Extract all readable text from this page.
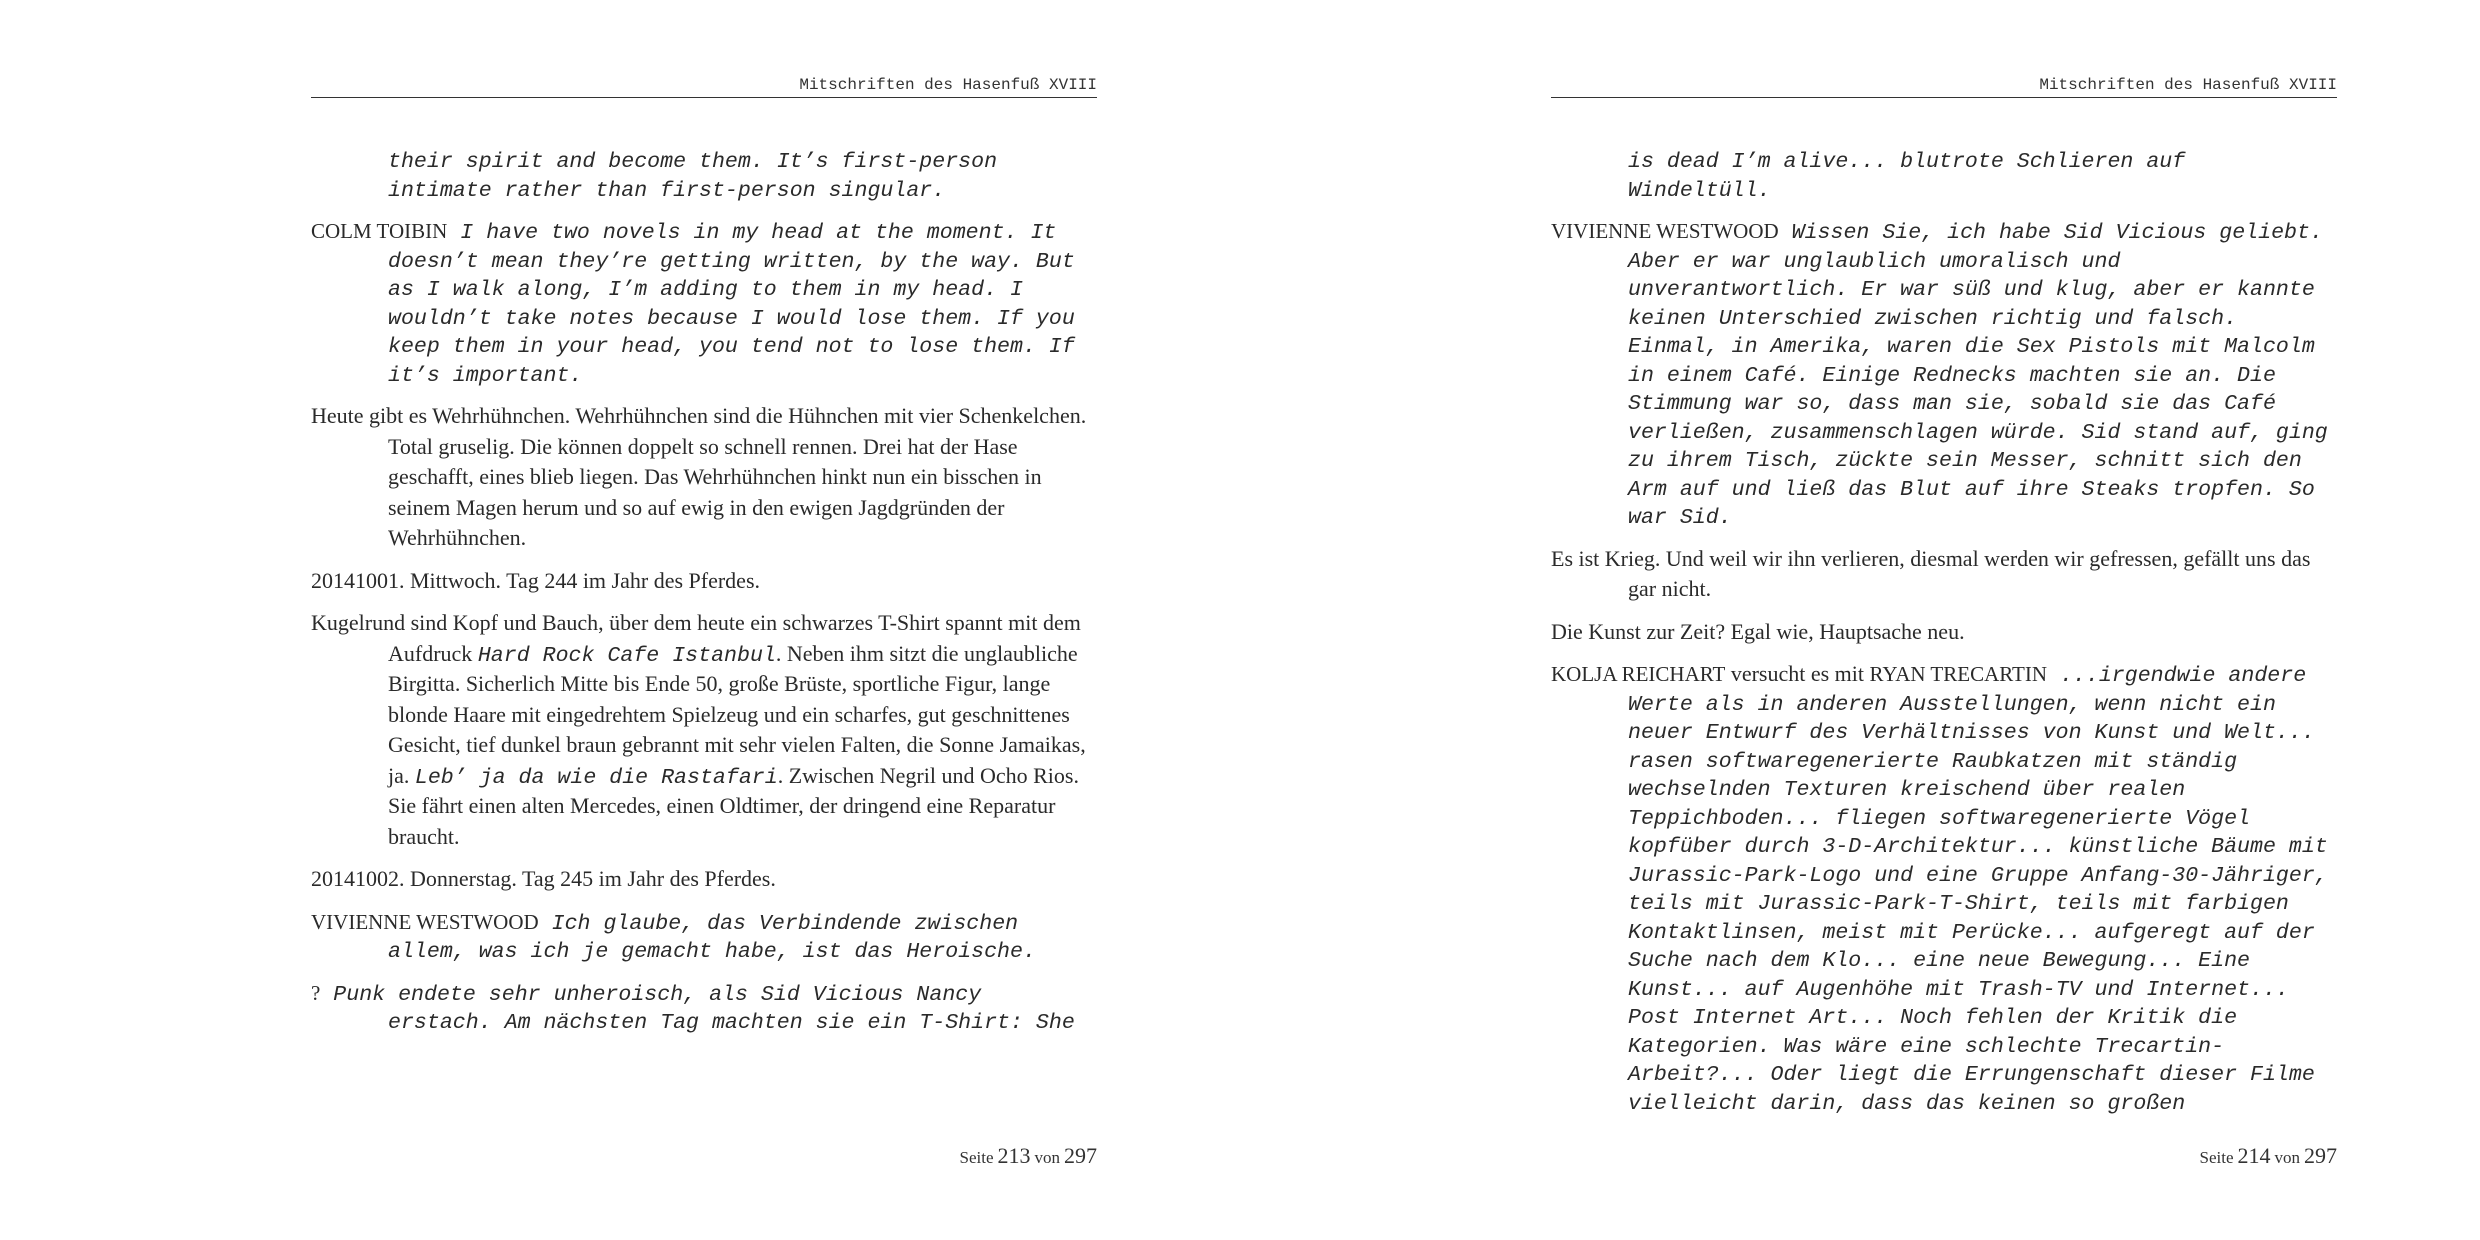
Mitschriften des Hasenfuß XVIII

their spirit and become them. It’s first-person intimate rather than first-person singular.

COLM TOIBIN I have two novels in my head at the moment. It doesn’t mean they’re getting written, by the way. But as I walk along, I’m adding to them in my head. I wouldn’t take notes because I would lose them. If you keep them in your head, you tend not to lose them. If it’s important.

Heute gibt es Wehrhühnchen. Wehrhühnchen sind die Hühnchen mit vier Schenkelchen. Total gruselig. Die können doppelt so schnell rennen. Drei hat der Hase geschafft, eines blieb liegen. Das Wehrhühnchen hinkt nun ein bisschen in seinem Magen herum und so auf ewig in den ewigen Jagdgründen der Wehrhühnchen.

20141001. Mittwoch. Tag 244 im Jahr des Pferdes.

Kugelrund sind Kopf und Bauch, über dem heute ein schwarzes T-Shirt spannt mit dem Aufdruck Hard Rock Cafe Istanbul. Neben ihm sitzt die unglaubliche Birgitta. Sicherlich Mitte bis Ende 50, große Brüste, sportliche Figur, lange blonde Haare mit eingedrehtem Spielzeug und ein scharfes, gut geschnittenes Gesicht, tief dunkel braun gebrannt mit sehr vielen Falten, die Sonne Jamaikas, ja. Leb’ ja da wie die Rastafari. Zwischen Negril und Ocho Rios. Sie fährt einen alten Mercedes, einen Oldtimer, der dringend eine Reparatur braucht.

20141002. Donnerstag. Tag 245 im Jahr des Pferdes.

VIVIENNE WESTWOOD Ich glaube, das Verbindende zwischen allem, was ich je gemacht habe, ist das Heroische.

? Punk endete sehr unheroisch, als Sid Vicious Nancy erstach. Am nächsten Tag machten sie ein T-Shirt: She

Seite 213 von 297
Mitschriften des Hasenfuß XVIII

is dead I’m alive... blutrote Schlieren auf Windeltüll.

VIVIENNE WESTWOOD Wissen Sie, ich habe Sid Vicious geliebt. Aber er war unglaublich umoralisch und unverantwortlich. Er war süß und klug, aber er kannte keinen Unterschied zwischen richtig und falsch. Einmal, in Amerika, waren die Sex Pistols mit Malcolm in einem Café. Einige Rednecks machten sie an. Die Stimmung war so, dass man sie, sobald sie das Café verließen, zusammenschlagen würde. Sid stand auf, ging zu ihrem Tisch, zückte sein Messer, schnitt sich den Arm auf und ließ das Blut auf ihre Steaks tropfen. So war Sid.

Es ist Krieg. Und weil wir ihn verlieren, diesmal werden wir gefressen, gefällt uns das gar nicht.

Die Kunst zur Zeit? Egal wie, Hauptsache neu.

KOLJA REICHART versucht es mit RYAN TRECARTIN ...irgendwie andere Werte als in anderen Ausstellungen, wenn nicht ein neuer Entwurf des Verhältnisses von Kunst und Welt... rasen softwaregenerierte Raubkatzen mit ständig wechselnden Texturen kreischend über realen Teppichboden... fliegen softwaregenerierte Vögel kopfüber durch 3-D-Architektur... künstliche Bäume mit Jurassic-Park-Logo und eine Gruppe Anfang-30-Jähriger, teils mit Jurassic-Park-T-Shirt, teils mit farbigen Kontaktlinsen, meist mit Perücke... aufgeregt auf der Suche nach dem Klo... eine neue Bewegung... Eine Kunst... auf Augenhöhe mit Trash-TV und Internet... Post Internet Art... Noch fehlen der Kritik die Kategorien. Was wäre eine schlechte Trecartin-Arbeit?... Oder liegt die Errungenschaft dieser Filme vielleicht darin, dass das keinen so großen

Seite 214 von 297
